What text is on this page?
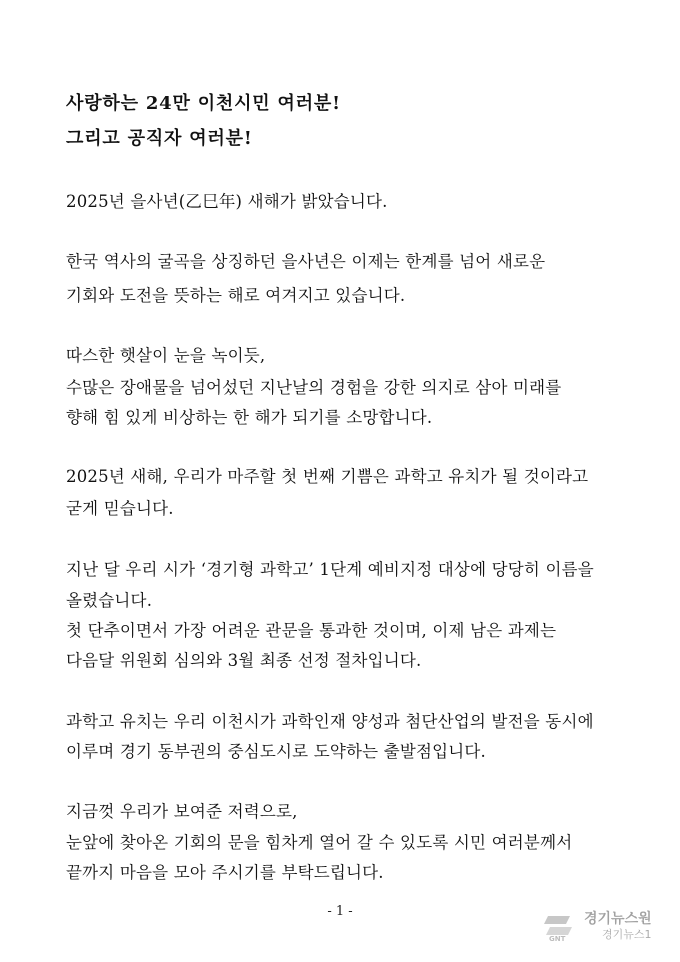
사랑하는 24만 이천시민 여러분!
그리고 공직자 여러분!
2025년 을사년(乙巳年) 새해가 밝았습니다.
한국 역사의 굴곡을 상징하던 을사년은 이제는 한계를 넘어 새로운
기회와 도전을 뜻하는 해로 여겨지고 있습니다.
따스한 햇살이 눈을 녹이듯,
수많은 장애물을 넘어섰던 지난날의 경험을 강한 의지로 삼아 미래를
향해 힘 있게 비상하는 한 해가 되기를 소망합니다.
2025년 새해, 우리가 마주할 첫 번째 기쁨은 과학고 유치가 될 것이라고
굳게 믿습니다.
지난 달 우리 시가 ‘경기형 과학고’ 1단계 예비지정 대상에 당당히 이름을
올렸습니다.
첫 단추이면서 가장 어려운 관문을 통과한 것이며, 이제 남은 과제는
다음달 위원회 심의와 3월 최종 선정 절차입니다.
과학고 유치는 우리 이천시가 과학인재 양성과 첨단산업의 발전을 동시에
이루며 경기 동부권의 중심도시로 도약하는 출발점입니다.
지금껏 우리가 보여준 저력으로,
눈앞에 찾아온 기회의 문을 힘차게 열어 갈 수 있도록 시민 여러분께서
끝까지 마음을 모아 주시기를 부탁드립니다.
- 1 -
GNT
경기뉴스원
경기뉴스1
